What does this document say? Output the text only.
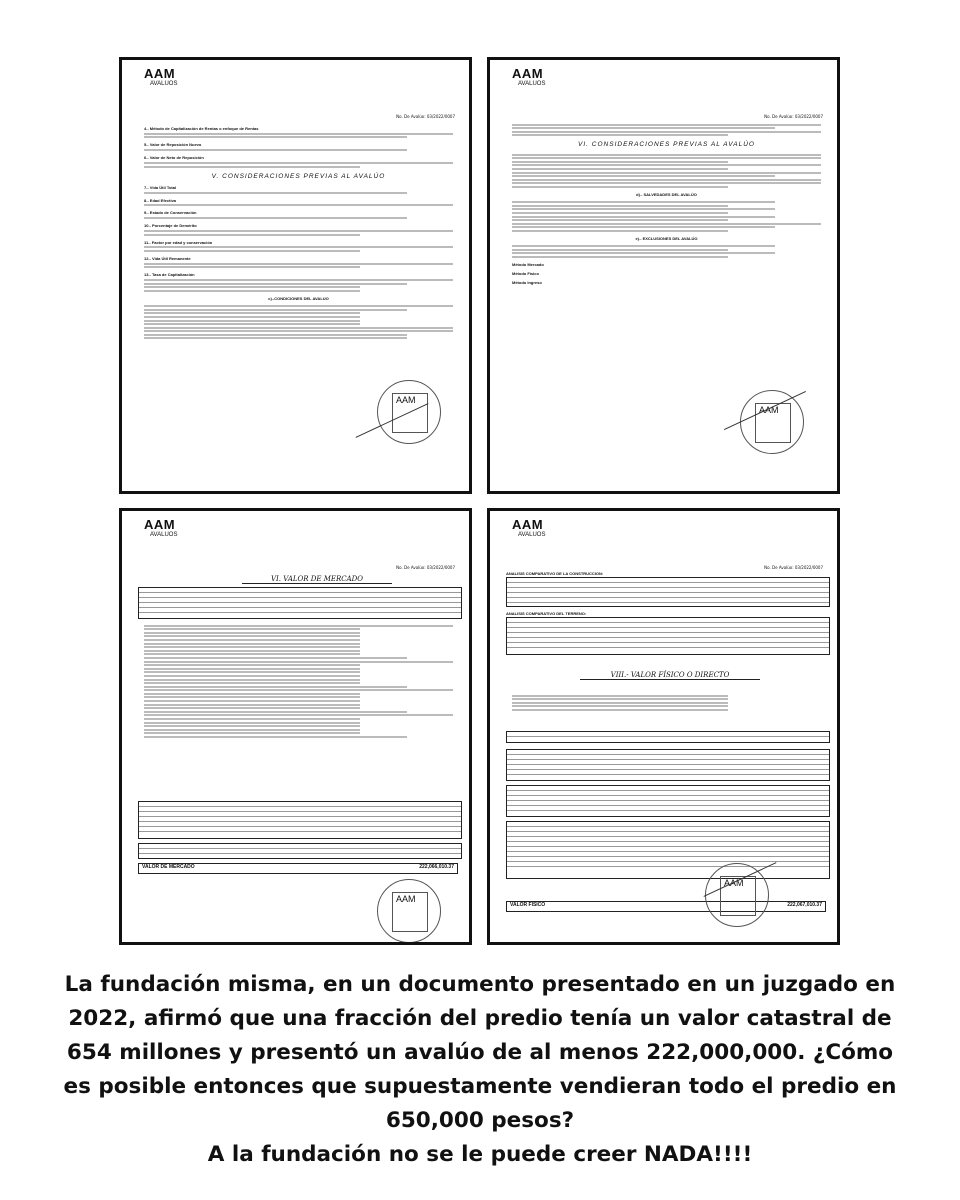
AAM
AVALUOS
No. De Avalúo: 03/2022/0007
4.- Método de Capitalización de Rentas o enfoque de Rentas
5.- Valor de Reposición Nuevo
6.- Valor de Neto de Reposición
V. CONSIDERACIONES PREVIAS AL AVALÚO
7.- Vida Útil Total
8.- Edad Efectiva
9.- Estado de Conservación
10.- Porcentaje de Demérito
11.- Factor por edad y conservación
12.- Vida Útil Remanente
13.- Tasa de Capitalización
c).-CONDICIONES DEL AVALUO
AAM
AAM
AVALUOS
No. De Avalúo: 03/2022/0007
VI. CONSIDERACIONES PREVIAS AL AVALÚO
d).- SALVEDADES DEL AVALÚO
e).- EXCLUSIONES DEL AVALÚO
Método Mercado
Método Físico
Método Ingreso
AAM
AAM
AVALUOS
No. De Avalúo: 03/2022/0007
VI. VALOR DE MERCADO
VALOR DE MERCADO	222,066,010.37
AAM
AAM
AVALUOS
No. De Avalúo: 03/2022/0007
ANALISIS COMPARATIVO DE LA CONSTRUCCION:
ANALISIS COMPARATIVO DEL TERRENO:
VIII.- VALOR FÍSICO O DIRECTO
VALOR FISICO	222,067,010.37
AAM
La fundación misma, en un documento presentado en un juzgado en 2022, afirmó que una fracción del predio tenía un valor catastral de 654 millones y presentó un avalúo de al menos 222,000,000. ¿Cómo es posible entonces que supuestamente vendieran todo el predio en 650,000 pesos?
A la fundación no se le puede creer NADA!!!!
